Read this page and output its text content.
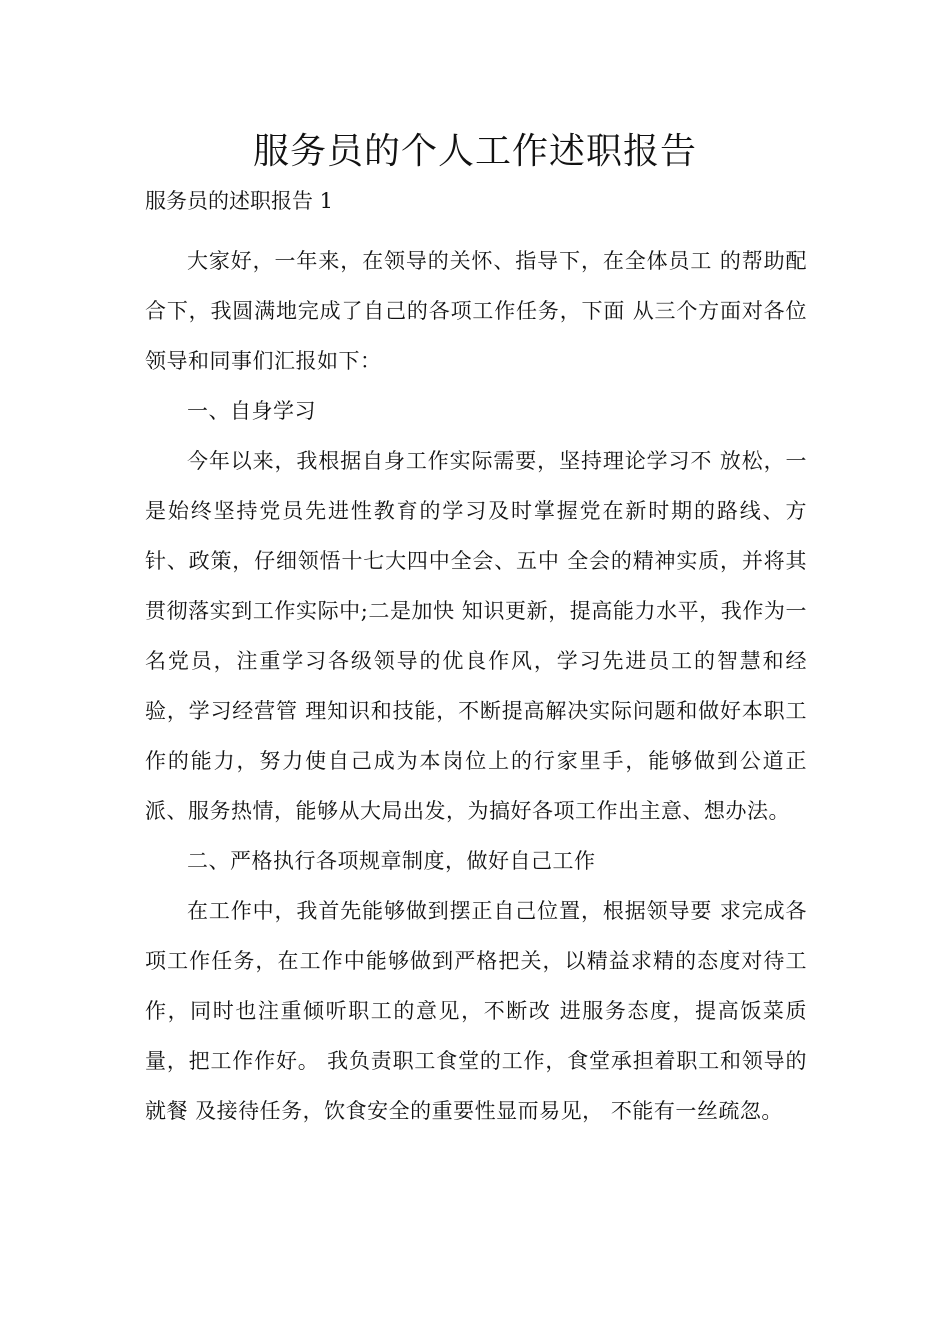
服务员的个人工作述职报告

服务员的述职报告 1

大家好，一年来，在领导的关怀、指导下，在全体员工 的帮助配合下，我圆满地完成了自己的各项工作任务，下面 从三个方面对各位领导和同事们汇报如下：

一、自身学习

今年以来，我根据自身工作实际需要，坚持理论学习不 放松，一是始终坚持党员先进性教育的学习及时掌握党在新时期的路线、方针、政策，仔细领悟十七大四中全会、五中 全会的精神实质，并将其贯彻落实到工作实际中;二是加快 知识更新，提高能力水平，我作为一名党员，注重学习各级领导的优良作风，学习先进员工的智慧和经验，学习经营管 理知识和技能，不断提高解决实际问题和做好本职工作的能力，努力使自己成为本岗位上的行家里手，能够做到公道正派、服务热情，能够从大局出发，为搞好各项工作出主意、想办法。

二、严格执行各项规章制度，做好自己工作

在工作中，我首先能够做到摆正自己位置，根据领导要 求完成各项工作任务，在工作中能够做到严格把关，以精益求精的态度对待工作，同时也注重倾听职工的意见，不断改 进服务态度，提高饭菜质量，把工作作好。 我负责职工食堂的工作，食堂承担着职工和领导的就餐 及接待任务，饮食安全的重要性显而易见， 不能有一丝疏忽。
